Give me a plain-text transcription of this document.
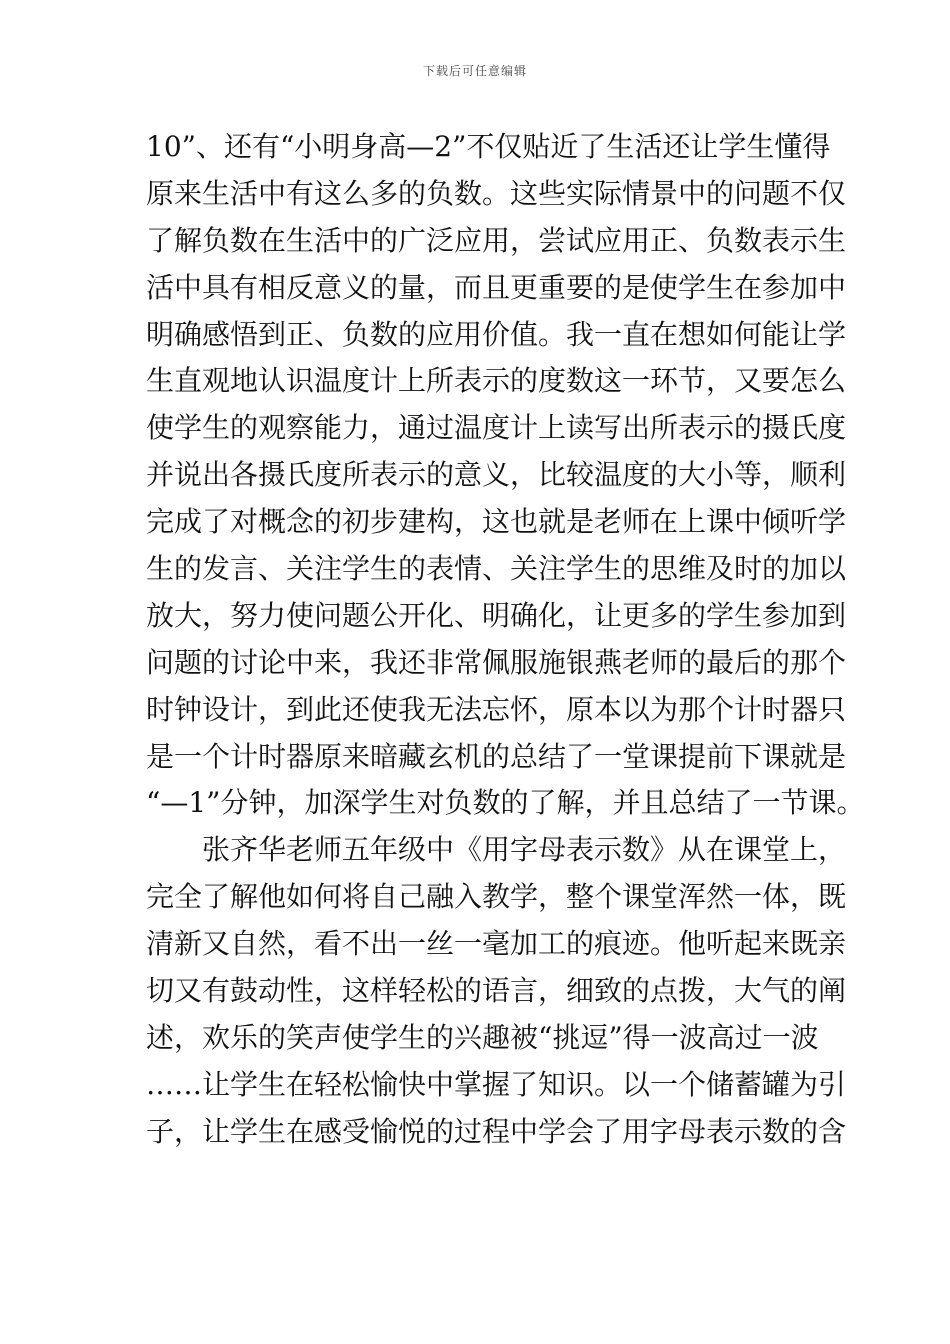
下载后可任意编辑
10”、还有“小明身高—2”不仅贴近了生活还让学生懂得
原来生活中有这么多的负数。这些实际情景中的问题不仅
了解负数在生活中的广泛应用，尝试应用正、负数表示生
活中具有相反意义的量，而且更重要的是使学生在参加中
明确感悟到正、负数的应用价值。我一直在想如何能让学
生直观地认识温度计上所表示的度数这一环节，又要怎么
使学生的观察能力，通过温度计上读写出所表示的摄氏度
并说出各摄氏度所表示的意义，比较温度的大小等，顺利
完成了对概念的初步建构，这也就是老师在上课中倾听学
生的发言、关注学生的表情、关注学生的思维及时的加以
放大，努力使问题公开化、明确化，让更多的学生参加到
问题的讨论中来，我还非常佩服施银燕老师的最后的那个
时钟设计，到此还使我无法忘怀，原本以为那个计时器只
是一个计时器原来暗藏玄机的总结了一堂课提前下课就是
“—1”分钟，加深学生对负数的了解，并且总结了一节课。
张齐华老师五年级中《用字母表示数》从在课堂上，
完全了解他如何将自己融入教学，整个课堂浑然一体，既
清新又自然，看不出一丝一毫加工的痕迹。他听起来既亲
切又有鼓动性，这样轻松的语言，细致的点拨，大气的阐
述，欢乐的笑声使学生的兴趣被“挑逗”得一波高过一波
……让学生在轻松愉快中掌握了知识。以一个储蓄罐为引
子，让学生在感受愉悦的过程中学会了用字母表示数的含
